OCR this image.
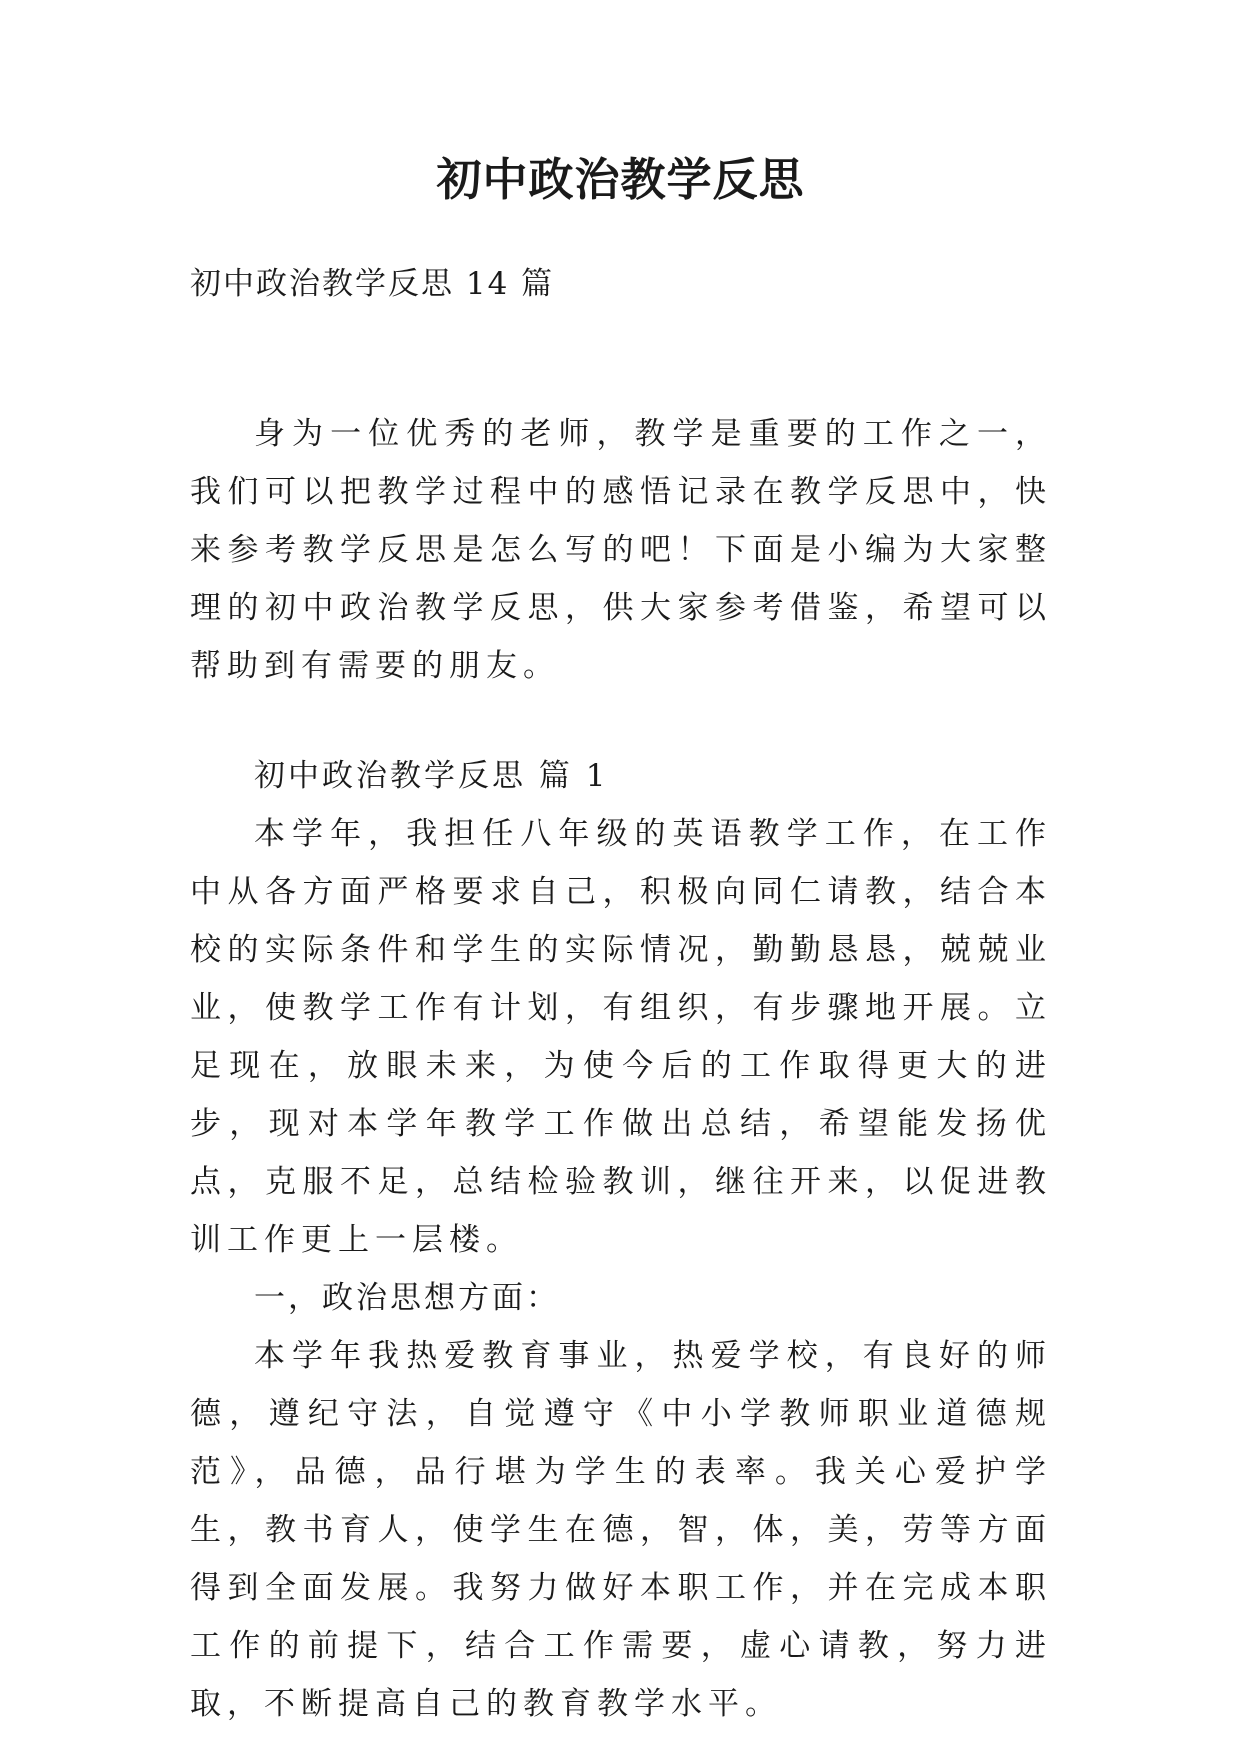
初中政治教学反思
初中政治教学反思 14 篇

身为一位优秀的老师，教学是重要的工作之一，我们可以把教学过程中的感悟记录在教学反思中，快来参考教学反思是怎么写的吧！下面是小编为大家整理的初中政治教学反思，供大家参考借鉴，希望可以帮助到有需要的朋友。

初中政治教学反思 篇 1

本学年，我担任八年级的英语教学工作，在工作中从各方面严格要求自己，积极向同仁请教，结合本校的实际条件和学生的实际情况，勤勤恳恳，兢兢业业，使教学工作有计划，有组织，有步骤地开展。立足现在，放眼未来，为使今后的工作取得更大的进步，现对本学年教学工作做出总结，希望能发扬优点，克服不足，总结检验教训，继往开来，以促进教训工作更上一层楼。

一，政治思想方面：

本学年我热爱教育事业，热爱学校，有良好的师德，遵纪守法，自觉遵守《中小学教师职业道德规范》，品德，品行堪为学生的表率。我关心爱护学生，教书育人，使学生在德，智，体，美，劳等方面得到全面发展。我努力做好本职工作，并在完成本职工作的前提下，结合工作需要，虚心请教，努力进取，不断提高自己的教育教学水平。
